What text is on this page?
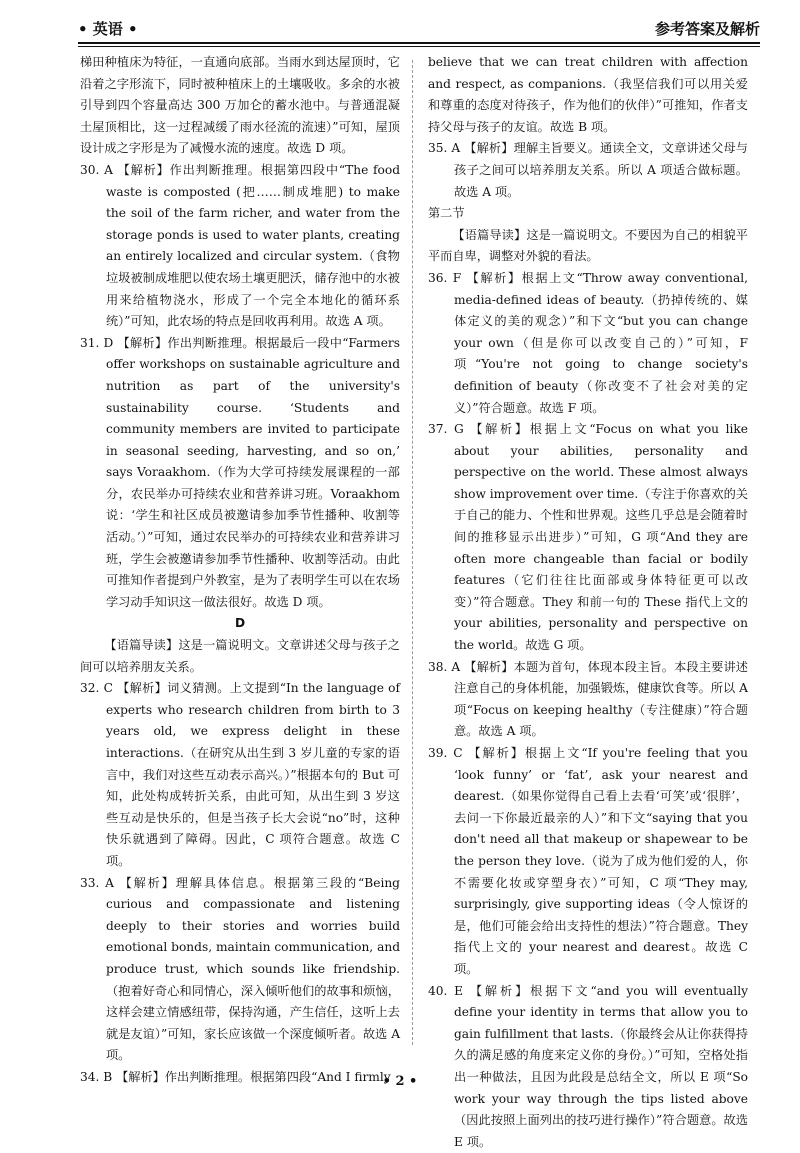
• 英语 •	参考答案及解析

梯田种植床为特征，一直通向底部。当雨水到达屋顶时，它沿着之字形流下，同时被种植床上的土壤吸收。多余的水被引导到四个容量高达 300 万加仑的蓄水池中。与普通混凝土屋顶相比，这一过程减缓了雨水径流的流速）”可知，屋顶设计成之字形是为了减慢水流的速度。故选 D 项。

30. A 【解析】作出判断推理。根据第四段中“The food waste is composted (把……制成堆肥) to make the soil of the farm richer, and water from the storage ponds is used to water plants, creating an entirely localized and circular system.（食物垃圾被制成堆肥以使农场土壤更肥沃，储存池中的水被用来给植物浇水，形成了一个完全本地化的循环系统）”可知，此农场的特点是回收再利用。故选 A 项。

31. D 【解析】作出判断推理。根据最后一段中“Farmers offer workshops on sustainable agriculture and nutrition as part of the university's sustainability course. ‘Students and community members are invited to participate in seasonal seeding, harvesting, and so on,’ says Voraakhom.（作为大学可持续发展课程的一部分，农民举办可持续农业和营养讲习班。Voraakhom 说：‘学生和社区成员被邀请参加季节性播种、收割等活动。’）”可知，通过农民举办的可持续农业和营养讲习班，学生会被邀请参加季节性播种、收割等活动。由此可推知作者提到户外教室，是为了表明学生可以在农场学习动手知识这一做法很好。故选 D 项。

D

【语篇导读】这是一篇说明文。文章讲述父母与孩子之间可以培养朋友关系。

32. C 【解析】词义猜测。上文提到“In the language of experts who research children from birth to 3 years old, we express delight in these interactions.（在研究从出生到 3 岁儿童的专家的语言中，我们对这些互动表示高兴。）”根据本句的 But 可知，此处构成转折关系，由此可知，从出生到 3 岁这些互动是快乐的，但是当孩子长大会说“no”时，这种快乐就遇到了障碍。因此，C 项符合题意。故选 C 项。

33. A 【解析】理解具体信息。根据第三段的“Being curious and compassionate and listening deeply to their stories and worries build emotional bonds, maintain communication, and produce trust, which sounds like friendship.（抱着好奇心和同情心，深入倾听他们的故事和烦恼，这样会建立情感纽带，保持沟通，产生信任，这听上去就是友谊）”可知，家长应该做一个深度倾听者。故选 A 项。

34. B 【解析】作出判断推理。根据第四段“And I firmly

believe that we can treat children with affection and respect, as companions.（我坚信我们可以用关爱和尊重的态度对待孩子，作为他们的伙伴）”可推知，作者支持父母与孩子的友谊。故选 B 项。

35. A 【解析】理解主旨要义。通读全文，文章讲述父母与孩子之间可以培养朋友关系。所以 A 项适合做标题。故选 A 项。

第二节

【语篇导读】这是一篇说明文。不要因为自己的相貌平平而自卑，调整对外貌的看法。

36. F 【解析】根据上文“Throw away conventional, media-defined ideas of beauty.（扔掉传统的、媒体定义的美的观念）”和下文“but you can change your own（但是你可以改变自己的）”可知，F 项“You're not going to change society's definition of beauty（你改变不了社会对美的定义）”符合题意。故选 F 项。

37. G 【解析】根据上文“Focus on what you like about your abilities, personality and perspective on the world. These almost always show improvement over time.（专注于你喜欢的关于自己的能力、个性和世界观。这些几乎总是会随着时间的推移显示出进步）”可知，G 项“And they are often more changeable than facial or bodily features（它们往往比面部或身体特征更可以改变）”符合题意。They 和前一句的 These 指代上文的 your abilities, personality and perspective on the world。故选 G 项。

38. A 【解析】本题为首句，体现本段主旨。本段主要讲述注意自己的身体机能，加强锻炼，健康饮食等。所以 A 项“Focus on keeping healthy（专注健康）”符合题意。故选 A 项。

39. C 【解析】根据上文“If you're feeling that you ‘look funny’ or ‘fat’, ask your nearest and dearest.（如果你觉得自己看上去看‘可笑’或‘很胖’，去问一下你最近最亲的人）”和下文“saying that you don't need all that makeup or shapewear to be the person they love.（说为了成为他们爱的人，你不需要化妆或穿塑身衣）”可知，C 项“They may, surprisingly, give supporting ideas（令人惊讶的是，他们可能会给出支持性的想法）”符合题意。They 指代上文的 your nearest and dearest。故选 C 项。

40. E 【解析】根据下文“and you will eventually define your identity in terms that allow you to gain fulfillment that lasts.（你最终会从让你获得持久的满足感的角度来定义你的身份。）”可知，空格处指出一种做法，且因为此段是总结全文，所以 E 项“So work your way through the tips listed above（因此按照上面列出的技巧进行操作）”符合题意。故选 E 项。

• 2 •
